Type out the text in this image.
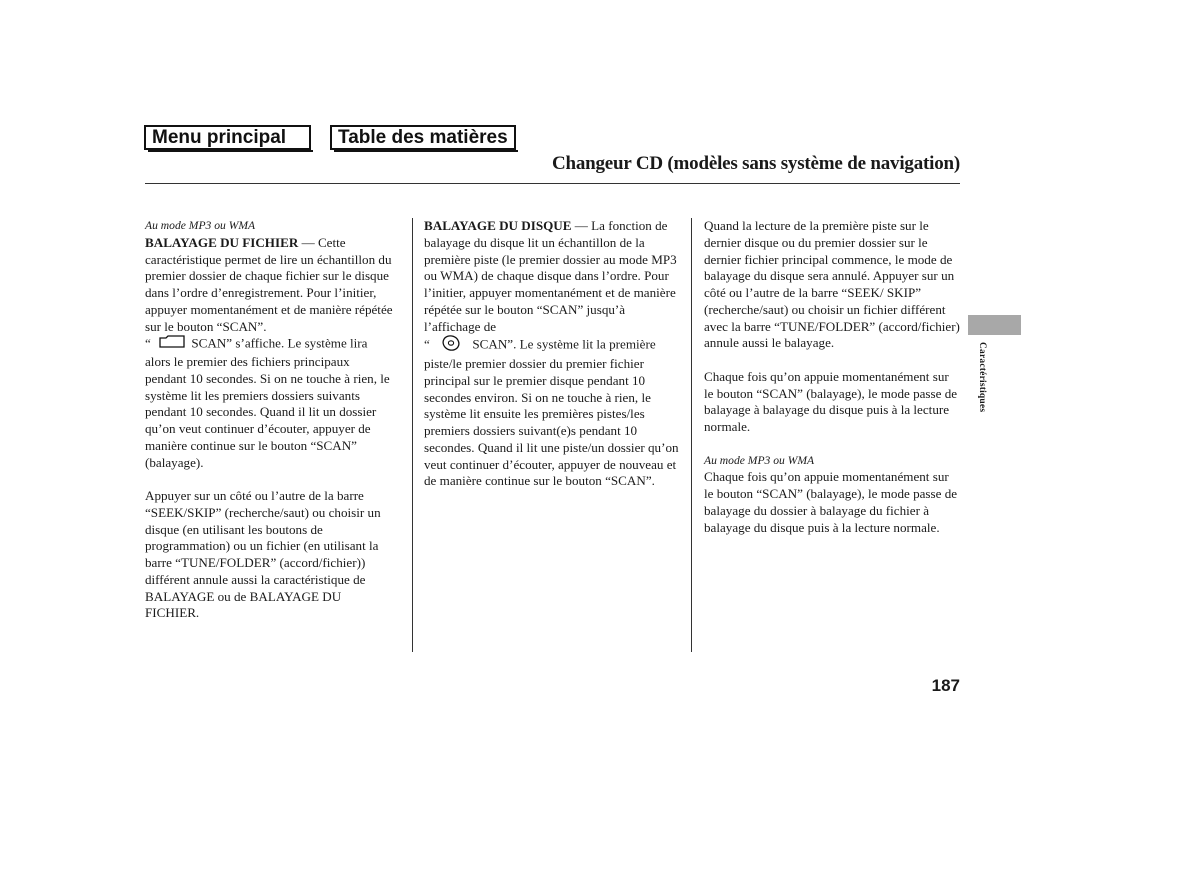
Menu principal	Table des matières
Changeur CD (modèles sans système de navigation)
Au mode MP3 ou WMA

BALAYAGE DU FICHIER — Cette caractéristique permet de lire un échantillon du premier dossier de chaque fichier sur le disque dans l’ordre d’enregistrement. Pour l’initier, appuyer momentanément et de manière répétée sur le bouton “SCAN”.
“	SCAN” s’affiche. Le système lira alors le premier des fichiers principaux pendant 10 secondes. Si on ne touche à rien, le système lit les premiers dossiers suivants pendant 10 secondes. Quand il lit un dossier qu’on veut continuer d’écouter, appuyer de manière continue sur le bouton “SCAN” (balayage).

Appuyer sur un côté ou l’autre de la barre “SEEK/SKIP” (recherche/saut) ou choisir un disque (en utilisant les boutons de programmation) ou un fichier (en utilisant la barre “TUNE/FOLDER” (accord/fichier)) différent annule aussi la caractéristique de BALAYAGE ou de BALAYAGE DU FICHIER.

BALAYAGE DU DISQUE — La fonction de balayage du disque lit un échantillon de la première piste (le premier dossier au mode MP3 ou WMA) de chaque disque dans l’ordre. Pour l’initier, appuyer momentanément et de manière répétée sur le bouton “SCAN” jusqu’à l’affichage de
“	SCAN”. Le système lit la première piste/le premier dossier du premier fichier principal sur le premier disque pendant 10 secondes environ. Si on ne touche à rien, le système lit ensuite les premières pistes/les premiers dossiers suivant(e)s pendant 10 secondes. Quand il lit une piste/un dossier qu’on veut continuer d’écouter, appuyer de nouveau et de manière continue sur le bouton “SCAN”.

Quand la lecture de la première piste sur le dernier disque ou du premier dossier sur le dernier fichier principal commence, le mode de balayage du disque sera annulé. Appuyer sur un côté ou l’autre de la barre “SEEK/ SKIP” (recherche/saut) ou choisir un fichier différent avec la barre “TUNE/FOLDER” (accord/fichier) annule aussi le balayage.

Chaque fois qu’on appuie momentanément sur le bouton “SCAN” (balayage), le mode passe de balayage à balayage du disque puis à la lecture normale.

Au mode MP3 ou WMA

Chaque fois qu’on appuie momentanément sur le bouton “SCAN” (balayage), le mode passe de balayage du dossier à balayage du fichier à balayage du disque puis à la lecture normale.

Caractéristiques
187
